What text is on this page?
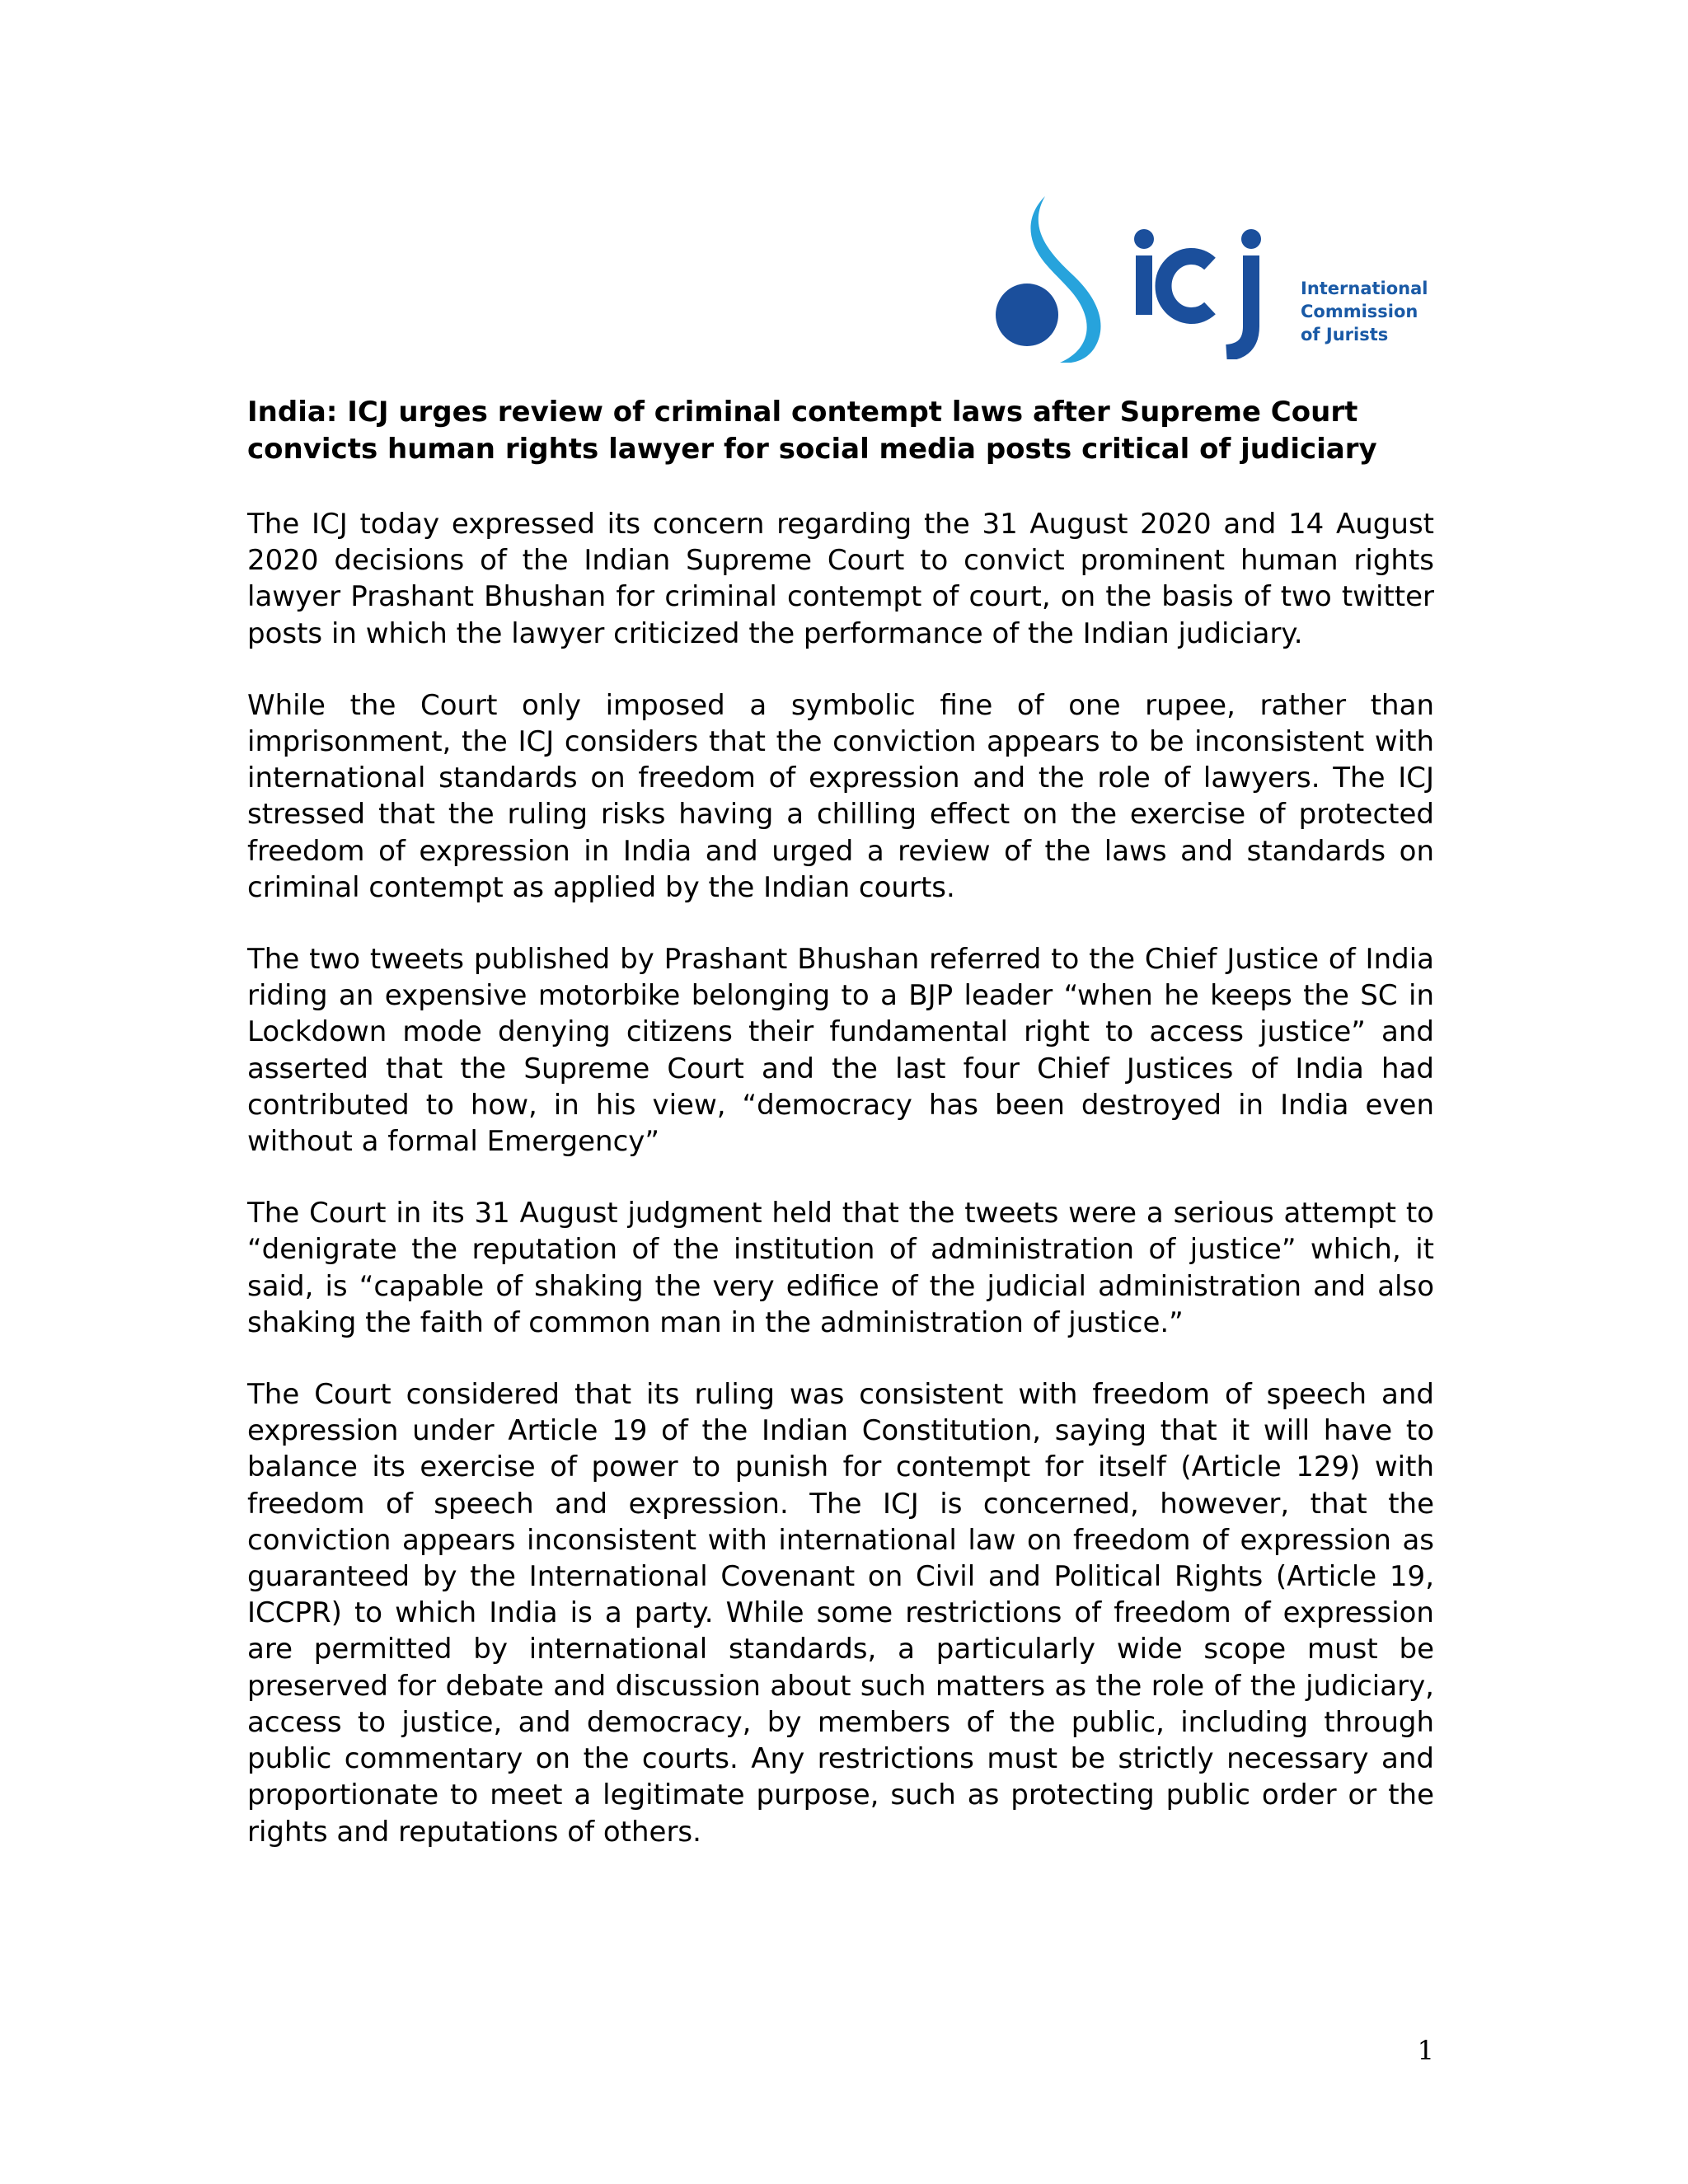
International
Commission
of Jurists
India: ICJ urges review of criminal contempt laws after Supreme Court
convicts human rights lawyer for social media posts critical of judiciary

The ICJ today expressed its concern regarding the 31 August 2020 and 14 August 2020 decisions of the Indian Supreme Court to convict prominent human rights lawyer Prashant Bhushan for criminal contempt of court, on the basis of two twitter posts in which the lawyer criticized the performance of the Indian judiciary.

While the Court only imposed a symbolic fine of one rupee, rather than imprisonment, the ICJ considers that the conviction appears to be inconsistent with international standards on freedom of expression and the role of lawyers. The ICJ stressed that the ruling risks having a chilling effect on the exercise of protected freedom of expression in India and urged a review of the laws and standards on criminal contempt as applied by the Indian courts.

The two tweets published by Prashant Bhushan referred to the Chief Justice of India riding an expensive motorbike belonging to a BJP leader “when he keeps the SC in Lockdown mode denying citizens their fundamental right to access justice” and asserted that the Supreme Court and the last four Chief Justices of India had contributed to how, in his view, “democracy has been destroyed in India even without a formal Emergency”

The Court in its 31 August judgment held that the tweets were a serious attempt to “denigrate the reputation of the institution of administration of justice” which, it said, is “capable of shaking the very edifice of the judicial administration and also shaking the faith of common man in the administration of justice.”

The Court considered that its ruling was consistent with freedom of speech and expression under Article 19 of the Indian Constitution, saying that it will have to balance its exercise of power to punish for contempt for itself (Article 129) with freedom of speech and expression. The ICJ is concerned, however, that the conviction appears inconsistent with international law on freedom of expression as guaranteed by the International Covenant on Civil and Political Rights (Article 19, ICCPR) to which India is a party. While some restrictions of freedom of expression are permitted by international standards, a particularly wide scope must be preserved for debate and discussion about such matters as the role of the judiciary, access to justice, and democracy, by members of the public, including through public commentary on the courts. Any restrictions must be strictly necessary and proportionate to meet a legitimate purpose, such as protecting public order or the rights and reputations of others.

1
